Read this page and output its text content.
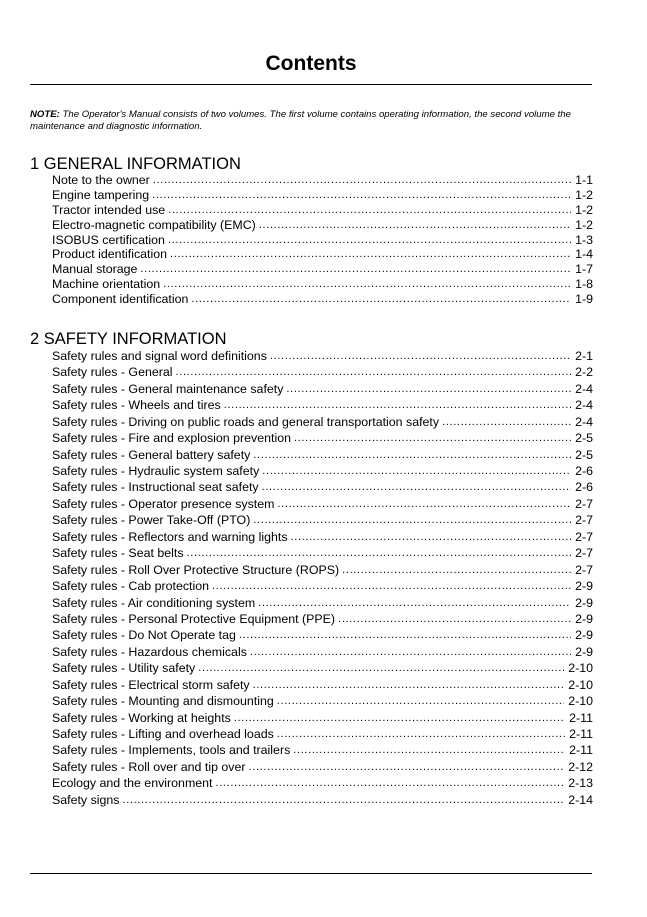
Contents

NOTE: The Operator's Manual consists of two volumes. The first volume contains operating information, the second volume the maintenance and diagnostic information.

1 GENERAL INFORMATION
Note to the owner . . .	1-1
Engine tampering . . .	1-2
Tractor intended use . . .	1-2
Electro-magnetic compatibility (EMC) . . .	1-2
ISOBUS certification . . .	1-3
Product identification . . .	1-4
Manual storage . . .	1-7
Machine orientation . . .	1-8
Component identification . . .	1-9
2 SAFETY INFORMATION
Safety rules and signal word definitions . . .	2-1
Safety rules - General . . .	2-2
Safety rules - General maintenance safety . . .	2-4
Safety rules - Wheels and tires . . .	2-4
Safety rules - Driving on public roads and general transportation safety . . .	2-4
Safety rules - Fire and explosion prevention . . .	2-5
Safety rules - General battery safety . . .	2-5
Safety rules - Hydraulic system safety . . .	2-6
Safety rules - Instructional seat safety . . .	2-6
Safety rules - Operator presence system . . .	2-7
Safety rules - Power Take-Off (PTO) . . .	2-7
Safety rules - Reflectors and warning lights . . .	2-7
Safety rules - Seat belts . . .	2-7
Safety rules - Roll Over Protective Structure (ROPS) . . .	2-7
Safety rules - Cab protection . . .	2-9
Safety rules - Air conditioning system . . .	2-9
Safety rules - Personal Protective Equipment (PPE) . . .	2-9
Safety rules - Do Not Operate tag . . .	2-9
Safety rules - Hazardous chemicals . . .	2-9
Safety rules - Utility safety . . .	2-10
Safety rules - Electrical storm safety . . .	2-10
Safety rules - Mounting and dismounting . . .	2-10
Safety rules - Working at heights . . .	2-11
Safety rules - Lifting and overhead loads . . .	2-11
Safety rules - Implements, tools and trailers . . .	2-11
Safety rules - Roll over and tip over . . .	2-12
Ecology and the environment . . .	2-13
Safety signs . . .	2-14
